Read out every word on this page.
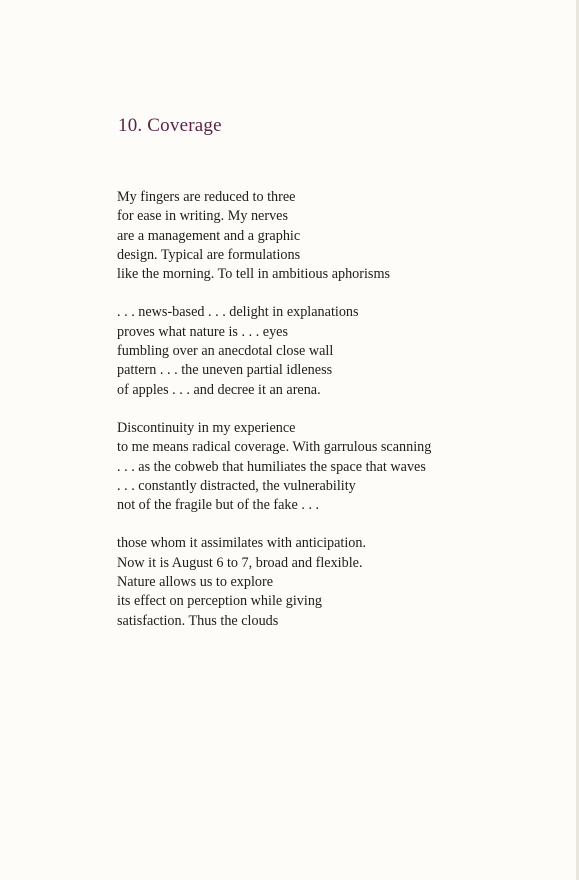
10. Coverage
My fingers are reduced to three
for ease in writing. My nerves
are a management and a graphic
design. Typical are formulations
like the morning. To tell in ambitious aphorisms
. . . news-based . . . delight in explanations
proves what nature is . . . eyes
fumbling over an anecdotal close wall
pattern . . . the uneven partial idleness
of apples . . . and decree it an arena.
Discontinuity in my experience
to me means radical coverage. With garrulous scanning
. . . as the cobweb that humiliates the space that waves
. . . constantly distracted, the vulnerability
not of the fragile but of the fake . . .
those whom it assimilates with anticipation.
Now it is August 6 to 7, broad and flexible.
Nature allows us to explore
its effect on perception while giving
satisfaction. Thus the clouds
